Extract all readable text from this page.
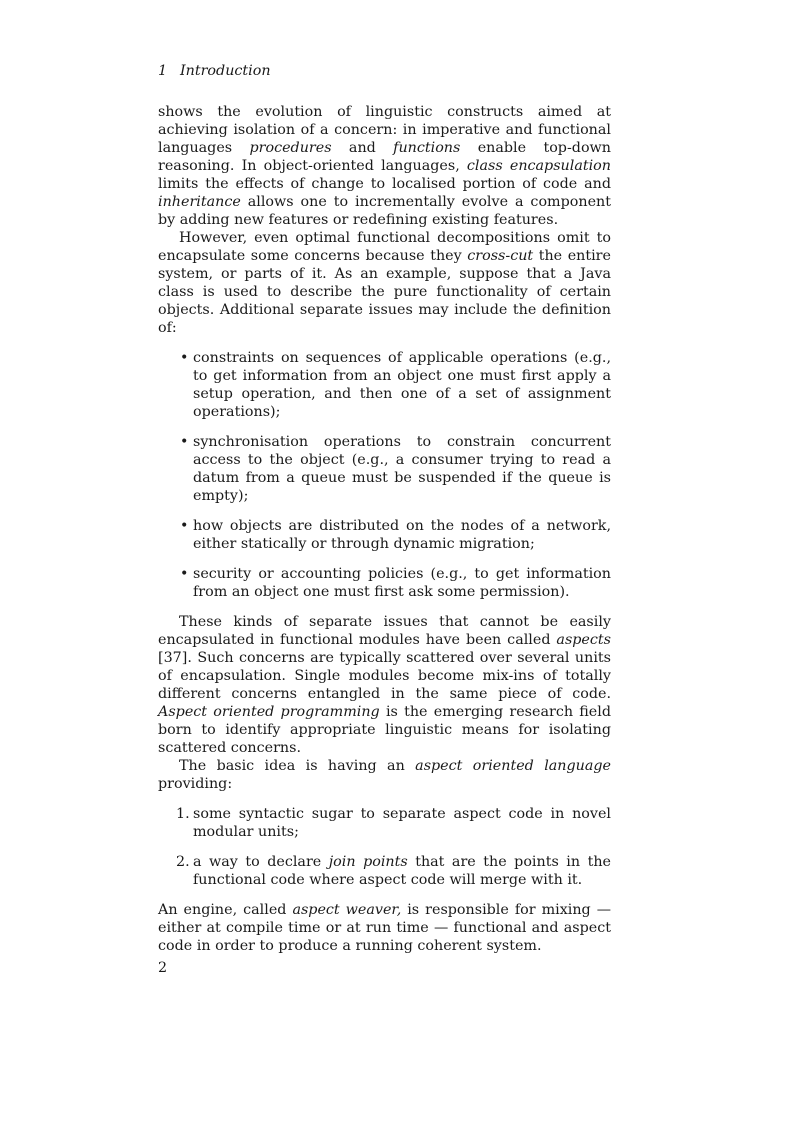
1 Introduction

shows the evolution of linguistic constructs aimed at achieving isolation of a concern: in imperative and functional languages procedures and functions enable top-down reasoning. In object-oriented languages, class encapsulation limits the effects of change to localised portion of code and inheritance allows one to incrementally evolve a component by adding new features or redefining existing features.

However, even optimal functional decompositions omit to encapsulate some concerns because they cross-cut the entire system, or parts of it. As an example, suppose that a Java class is used to describe the pure functionality of certain objects. Additional separate issues may include the definition of:

• constraints on sequences of applicable operations (e.g., to get information from an object one must first apply a setup operation, and then one of a set of assignment operations);
• synchronisation operations to constrain concurrent access to the object (e.g., a consumer trying to read a datum from a queue must be suspended if the queue is empty);
• how objects are distributed on the nodes of a network, either statically or through dynamic migration;
• security or accounting policies (e.g., to get information from an object one must first ask some permission).

These kinds of separate issues that cannot be easily encapsulated in functional modules have been called aspects [37]. Such concerns are typically scattered over several units of encapsulation. Single modules become mix-ins of totally different concerns entangled in the same piece of code. Aspect oriented programming is the emerging research field born to identify appropriate linguistic means for isolating scattered concerns.

The basic idea is having an aspect oriented language providing:

1. some syntactic sugar to separate aspect code in novel modular units;
2. a way to declare join points that are the points in the functional code where aspect code will merge with it.

An engine, called aspect weaver, is responsible for mixing — either at compile time or at run time — functional and aspect code in order to produce a running coherent system.

2
